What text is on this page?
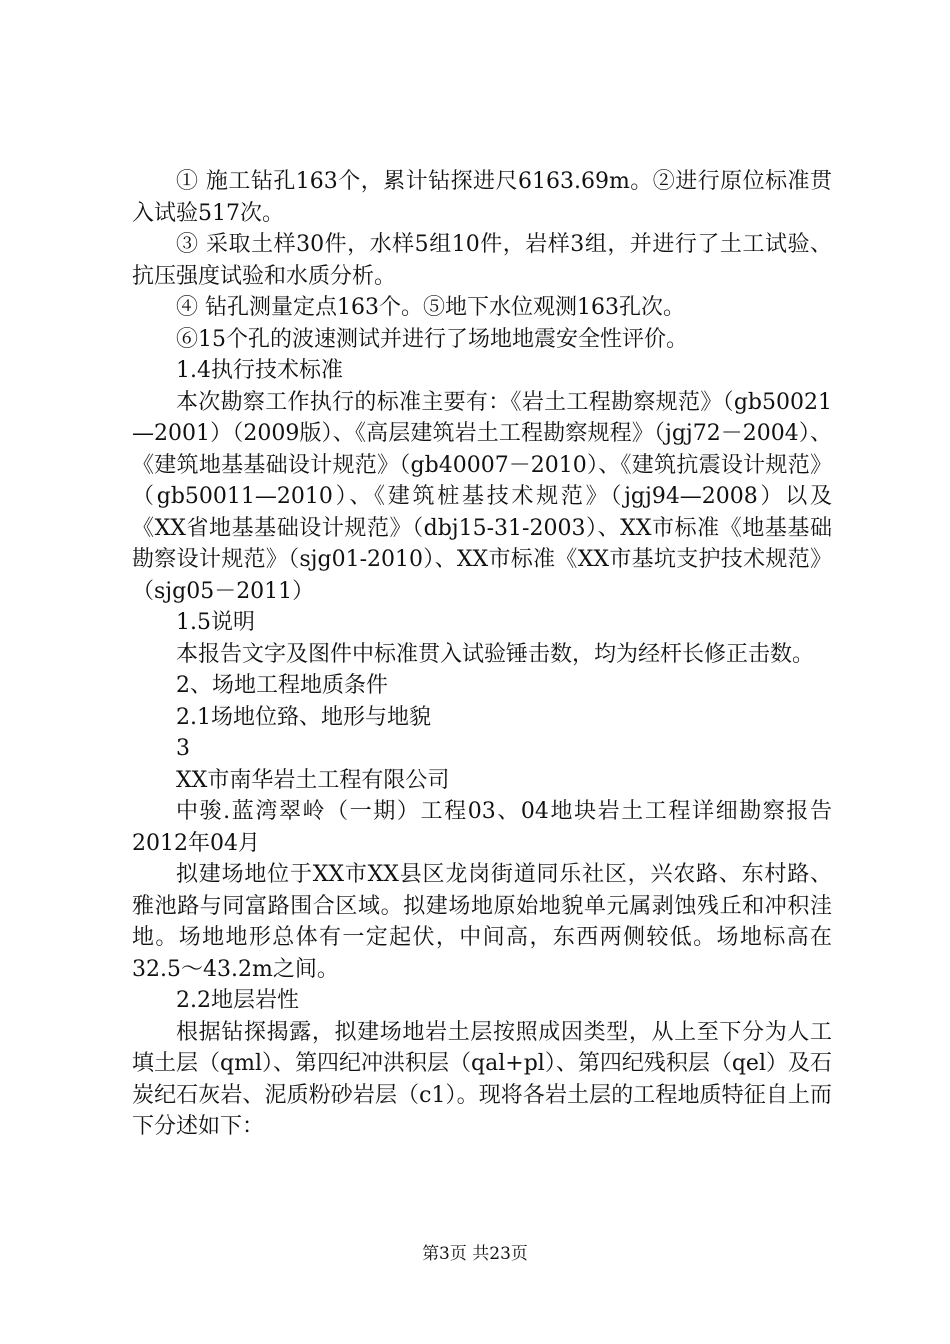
① 施工钻孔163个，累计钻探进尺6163.69m。②进行原位标准贯入试验517次。

③ 采取土样30件，水样5组10件，岩样3组，并进行了土工试验、抗压强度试验和水质分析。

④ 钻孔测量定点163个。⑤地下水位观测163孔次。

⑥15个孔的波速测试并进行了场地地震安全性评价。

1.4执行技术标准

本次勘察工作执行的标准主要有：《岩土工程勘察规范》（gb50021—2001）（2009版）、《高层建筑岩土工程勘察规程》（jgj72－2004）、《建筑地基基础设计规范》（gb40007－2010）、《建筑抗震设计规范》（gb50011—2010）、《建筑桩基技术规范》（jgj94—2008）以及《XX省地基基础设计规范》（dbj15-31-2003）、XX市标准《地基基础勘察设计规范》（sjg01-2010）、XX市标准《XX市基坑支护技术规范》（sjg05－2011）

1.5说明

本报告文字及图件中标准贯入试验锤击数，均为经杆长修正击数。

2、场地工程地质条件

2.1场地位臵、地形与地貌

3

XX市南华岩土工程有限公司

中骏.蓝湾翠岭（一期）工程03、04地块岩土工程详细勘察报告2012年04月

拟建场地位于XX市XX县区龙岗街道同乐社区，兴农路、东村路、雅池路与同富路围合区域。拟建场地原始地貌单元属剥蚀残丘和冲积洼地。场地地形总体有一定起伏，中间高，东西两侧较低。场地标高在32.5～43.2m之间。

2.2地层岩性

根据钻探揭露，拟建场地岩土层按照成因类型，从上至下分为人工填土层（qml）、第四纪冲洪积层（qal+pl）、第四纪残积层（qel）及石炭纪石灰岩、泥质粉砂岩层（c1）。现将各岩土层的工程地质特征自上而下分述如下：

第3页 共23页
